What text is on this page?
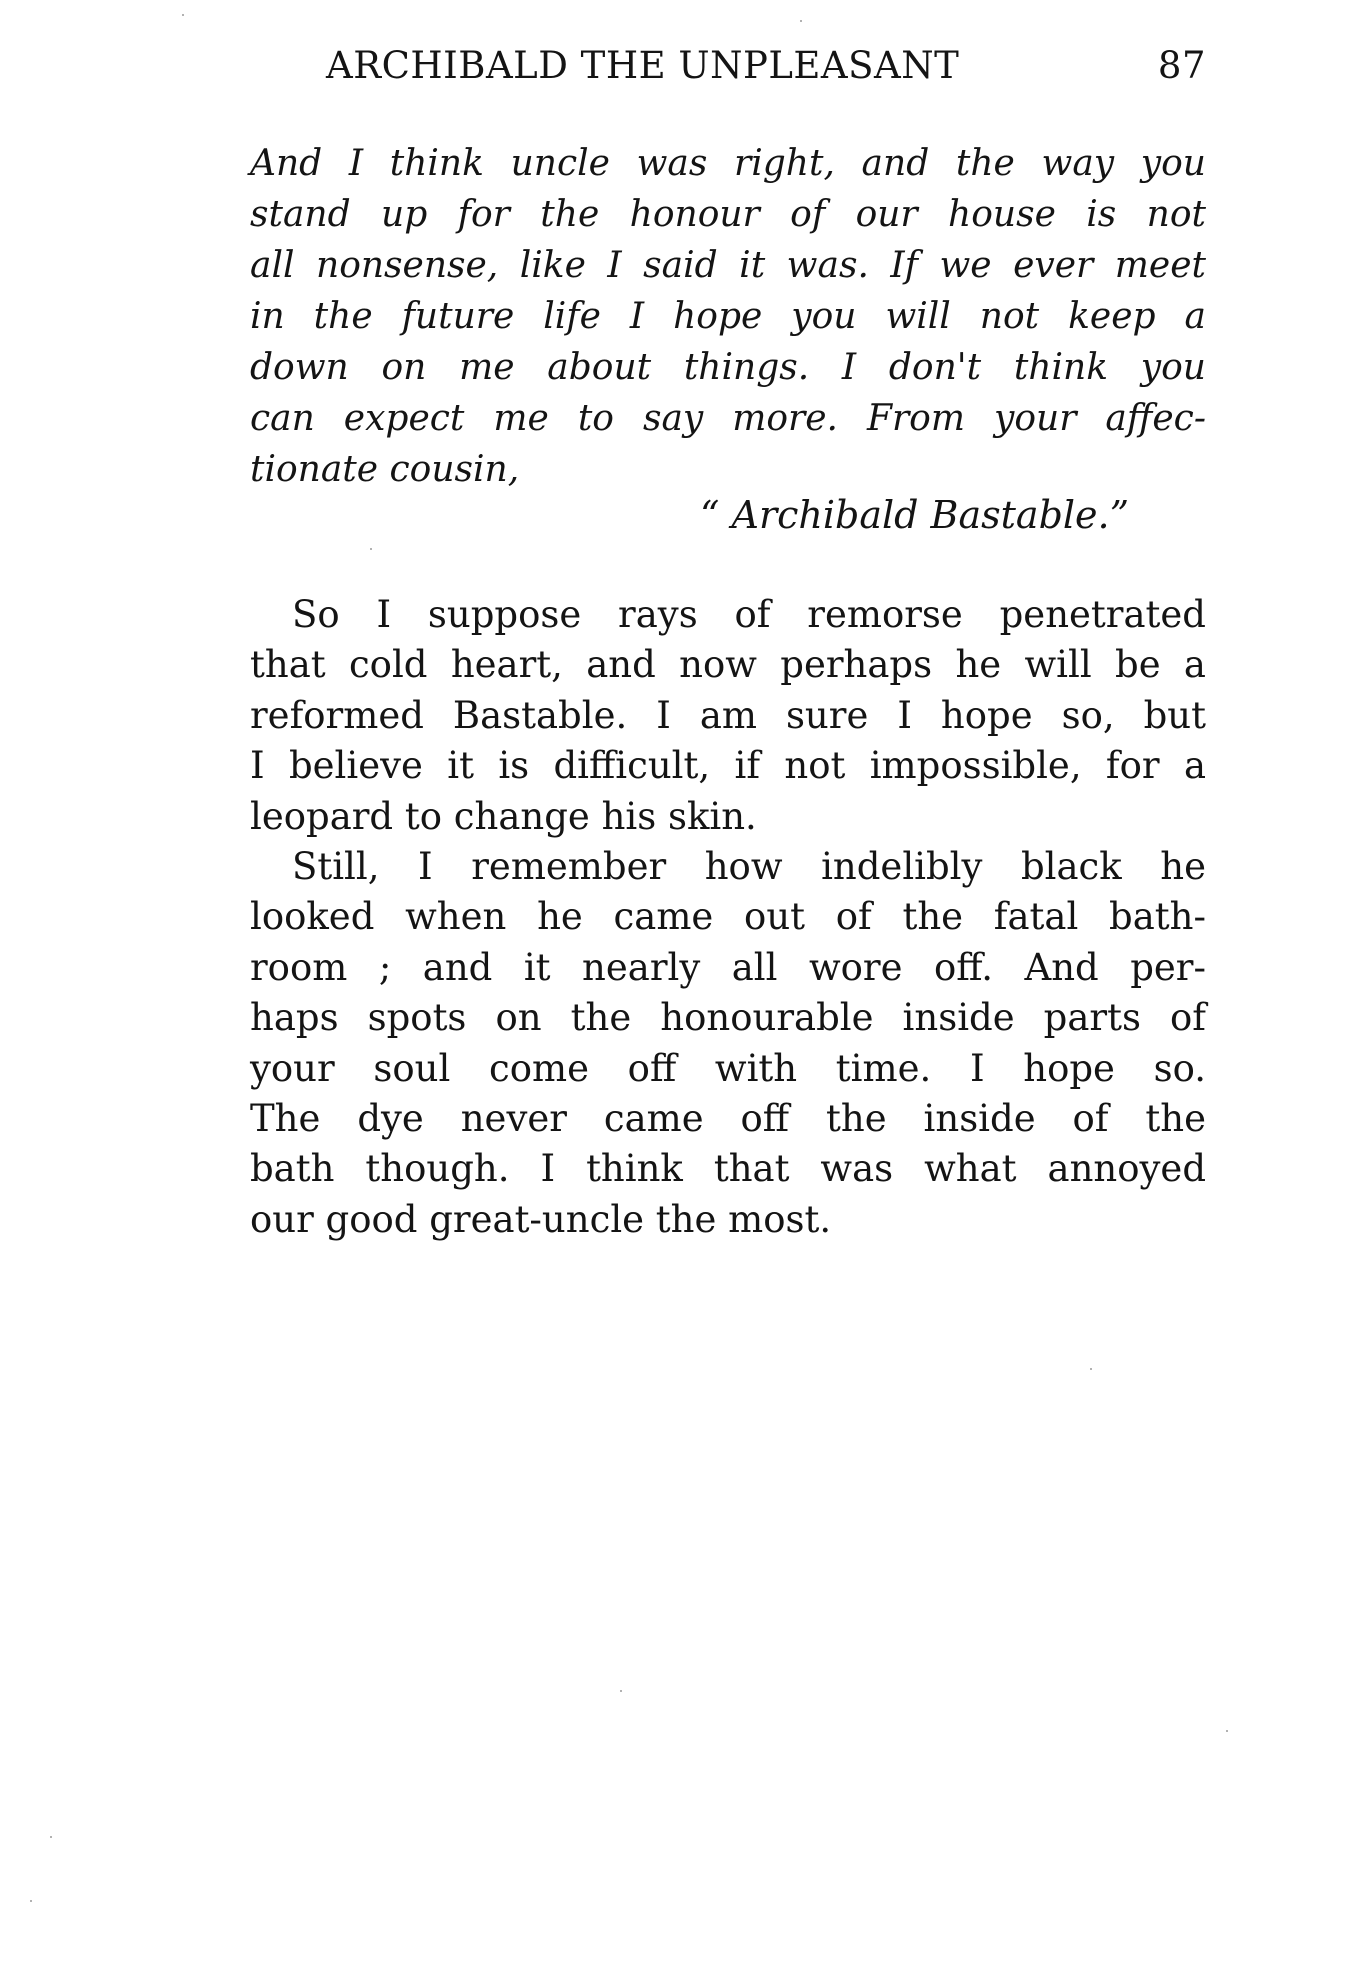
ARCHIBALD THE UNPLEASANT	87
And I think uncle was right, and the way you
stand up for the honour of our house is not
all nonsense, like I said it was. If we ever meet
in the future life I hope you will not keep a
down on me about things. I don't think you
can expect me to say more. From your affec-
tionate cousin,
“ Archibald Bastable.”
So I suppose rays of remorse penetrated
that cold heart, and now perhaps he will be a
reformed Bastable. I am sure I hope so, but
I believe it is difficult, if not impossible, for a
leopard to change his skin.
Still, I remember how indelibly black he
looked when he came out of the fatal bath-
room ; and it nearly all wore off. And per-
haps spots on the honourable inside parts of
your soul come off with time. I hope so.
The dye never came off the inside of the
bath though. I think that was what annoyed
our good great-uncle the most.
